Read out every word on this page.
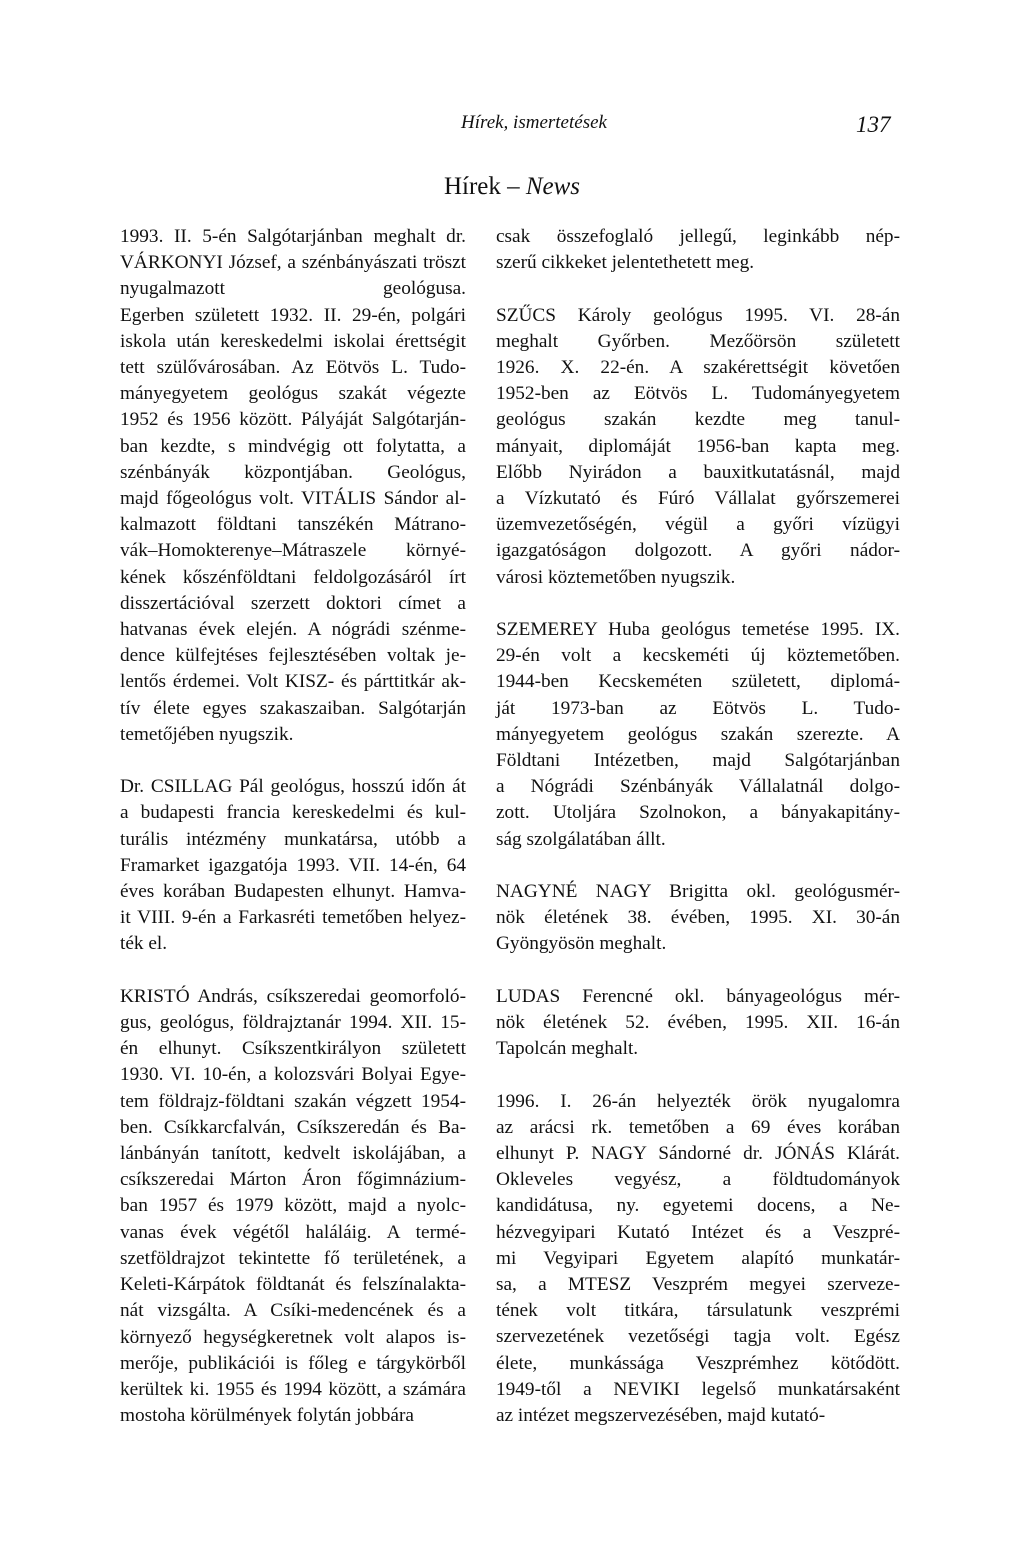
Hírek, ismertetések	137
Hírek – News
1993. II. 5-én Salgótarjánban meghalt dr.
VÁRKONYI József, a szénbányászati tröszt
nyugalmazott geológusa.
Egerben született 1932. II. 29-én, polgári
iskola után kereskedelmi iskolai érettségit
tett szülővárosában. Az Eötvös L. Tudo-
mányegyetem geológus szakát végezte
1952 és 1956 között. Pályáját Salgótarján-
ban kezdte, s mindvégig ott folytatta, a
szénbányák központjában. Geológus,
majd főgeológus volt. VITÁLIS Sándor al-
kalmazott földtani tanszékén Mátrano-
vák–Homokterenye–Mátraszele környé-
kének kőszénföldtani feldolgozásáról írt
disszertációval szerzett doktori címet a
hatvanas évek elején. A nógrádi szénme-
dence külfejtéses fejlesztésében voltak je-
lentős érdemei. Volt KISZ- és párttitkár ak-
tív élete egyes szakaszaiban. Salgótarján
temetőjében nyugszik.
Dr. CSILLAG Pál geológus, hosszú időn át
a budapesti francia kereskedelmi és kul-
turális intézmény munkatársa, utóbb a
Framarket igazgatója 1993. VII. 14-én, 64
éves korában Budapesten elhunyt. Hamva-
it VIII. 9-én a Farkasréti temetőben helyez-
ték el.
KRISTÓ András, csíkszeredai geomorfoló-
gus, geológus, földrajztanár 1994. XII. 15-
én elhunyt. Csíkszentkirályon született
1930. VI. 10-én, a kolozsvári Bolyai Egye-
tem földrajz-földtani szakán végzett 1954-
ben. Csíkkarcfalván, Csíkszeredán és Ba-
lánbányán tanított, kedvelt iskolájában, a
csíkszeredai Márton Áron főgimnázium-
ban 1957 és 1979 között, majd a nyolc-
vanas évek végétől haláláig. A termé-
szetföldrajzot tekintette fő területének, a
Keleti-Kárpátok földtanát és felszínalakta-
nát vizsgálta. A Csíki-medencének és a
környező hegységkeretnek volt alapos is-
merője, publikációi is főleg e tárgykörből
kerültek ki. 1955 és 1994 között, a számára
mostoha körülmények folytán jobbára
csak összefoglaló jellegű, leginkább nép-
szerű cikkeket jelentethetett meg.
SZŰCS Károly geológus 1995. VI. 28-án
meghalt Győrben. Mezőörsön született
1926. X. 22-én. A szakérettségit követően
1952-ben az Eötvös L. Tudományegyetem
geológus szakán kezdte meg tanul-
mányait, diplomáját 1956-ban kapta meg.
Előbb Nyirádon a bauxitkutatásnál, majd
a Vízkutató és Fúró Vállalat győrszemerei
üzemvezetőségén, végül a győri vízügyi
igazgatóságon dolgozott. A győri nádor-
városi köztemetőben nyugszik.
SZEMEREY Huba geológus temetése 1995. IX.
29-én volt a kecskeméti új köztemetőben.
1944-ben Kecskeméten született, diplomá-
ját 1973-ban az Eötvös L. Tudo-
mányegyetem geológus szakán szerezte. A
Földtani Intézetben, majd Salgótarjánban
a Nógrádi Szénbányák Vállalatnál dolgo-
zott. Utoljára Szolnokon, a bányakapitány-
ság szolgálatában állt.
NAGYNÉ NAGY Brigitta okl. geológusmér-
nök életének 38. évében, 1995. XI. 30-án
Gyöngyösön meghalt.
LUDAS Ferencné okl. bányageológus mér-
nök életének 52. évében, 1995. XII. 16-án
Tapolcán meghalt.
1996. I. 26-án helyezték örök nyugalomra
az arácsi rk. temetőben a 69 éves korában
elhunyt P. NAGY Sándorné dr. JÓNÁS Klárát.
Okleveles vegyész, a földtudományok
kandidátusa, ny. egyetemi docens, a Ne-
hézvegyipari Kutató Intézet és a Veszpré-
mi Vegyipari Egyetem alapító munkatár-
sa, a MTESZ Veszprém megyei szerveze-
tének volt titkára, társulatunk veszprémi
szervezetének vezetőségi tagja volt. Egész
élete, munkássága Veszprémhez kötődött.
1949-től a NEVIKI legelső munkatársaként
az intézet megszervezésében, majd kutató-
